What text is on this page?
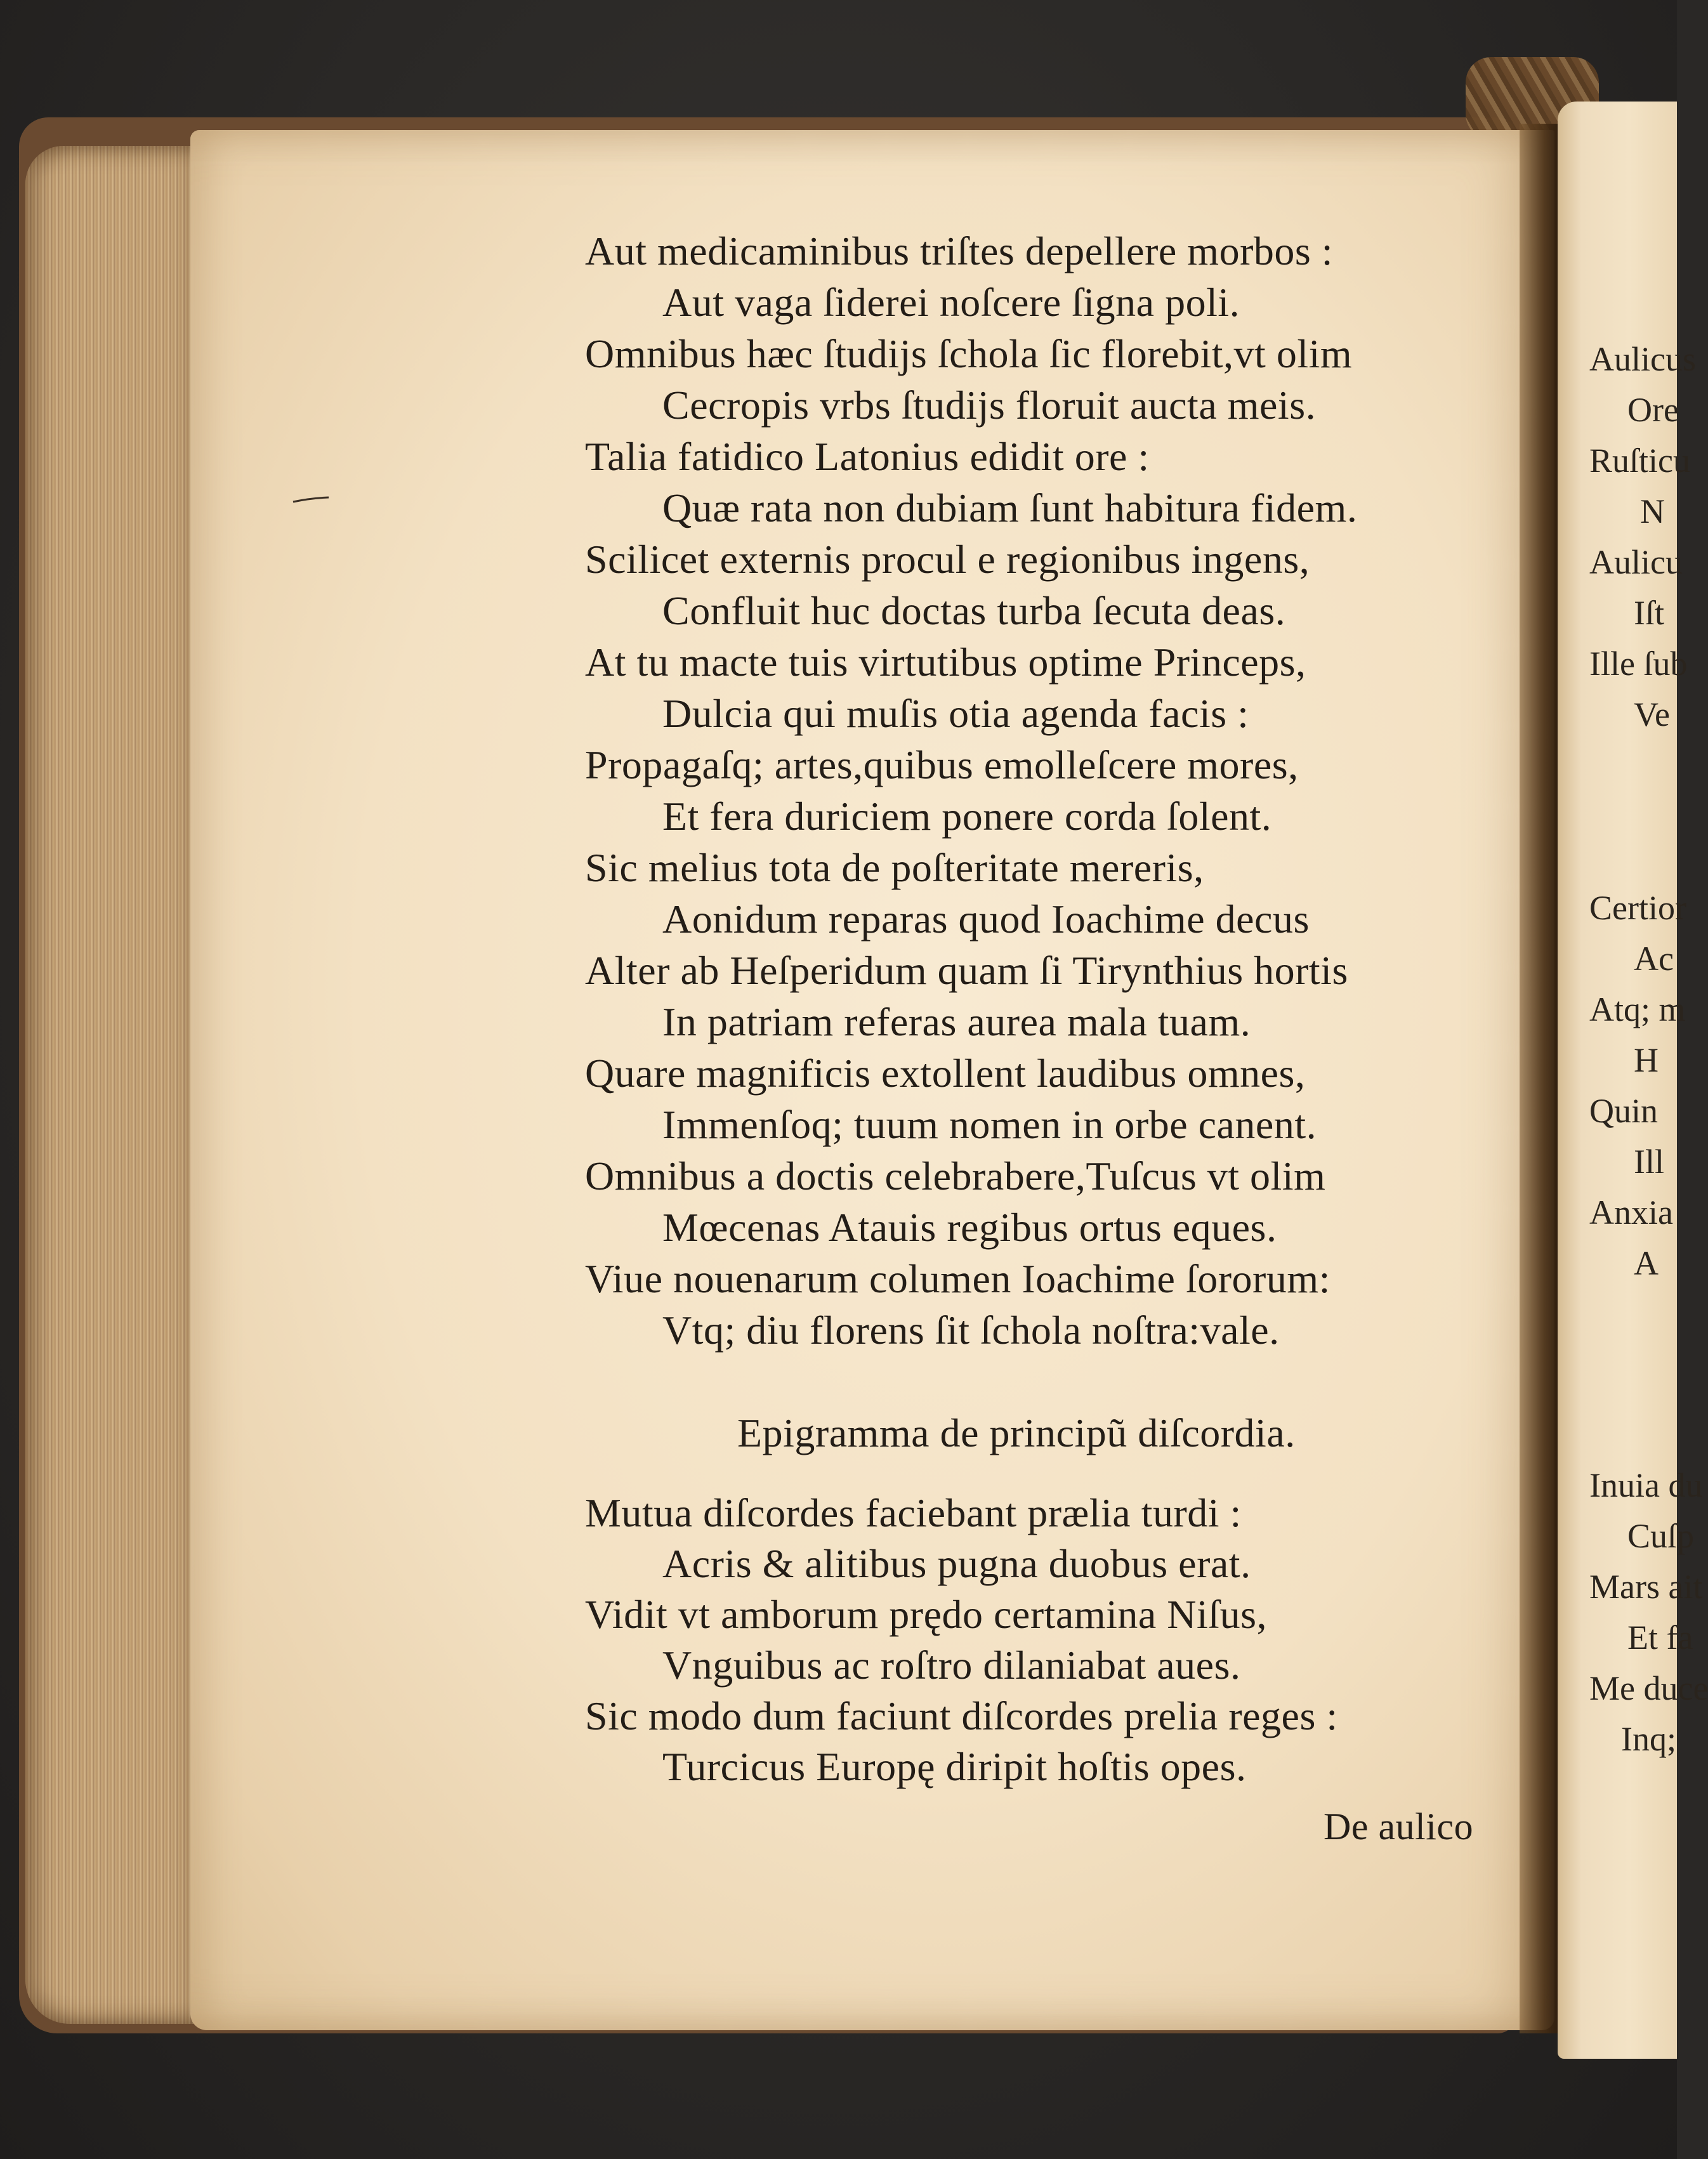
Aut medicaminibus triſtes depellere morbos :
Aut vaga ſiderei noſcere ſigna poli.
Omnibus hæc ſtudijs ſchola ſic florebit,vt olim
Cecropis vrbs ſtudijs floruit aucta meis.
Talia fatidico Latonius edidit ore :
Quæ rata non dubiam ſunt habitura fidem.
Scilicet externis procul e regionibus ingens,
Confluit huc doctas turba ſecuta deas.
At tu macte tuis virtutibus optime Princeps,
Dulcia qui muſis otia agenda facis :
Propagaſq; artes,quibus emolleſcere mores,
Et fera duriciem ponere corda ſolent.
Sic melius tota de poſteritate mereris,
Aonidum reparas quod Ioachime decus
Alter ab Heſperidum quam ſi Tirynthius hortis
In patriam referas aurea mala tuam.
Quare magnificis extollent laudibus omnes,
Immenſoq; tuum nomen in orbe canent.
Omnibus a doctis celebrabere,Tuſcus vt olim
Mœcenas Atauis regibus ortus eques.
Viue nouenarum columen Ioachime ſororum:
Vtq; diu florens ſit ſchola noſtra:vale.
Epigramma de principũ diſcordia.
Mutua diſcordes faciebant prælia turdi :
Acris & alitibus pugna duobus erat.
Vidit vt amborum prędo certamina Niſus,
Vnguibus ac roſtro dilaniabat aues.
Sic modo dum faciunt diſcordes prelia reges :
Turcicus Europę diripit hoſtis opes.
De aulico
Aulicus
Ore
Ruſticu
N
Aulicu
Iſt
Ille ſub
Ve
Certior
Ac
Atq; m
H
Quin
Ill
Anxia
A
Inuia du
Cuſp
Mars ait
Et fa
Me duce
Inq;
